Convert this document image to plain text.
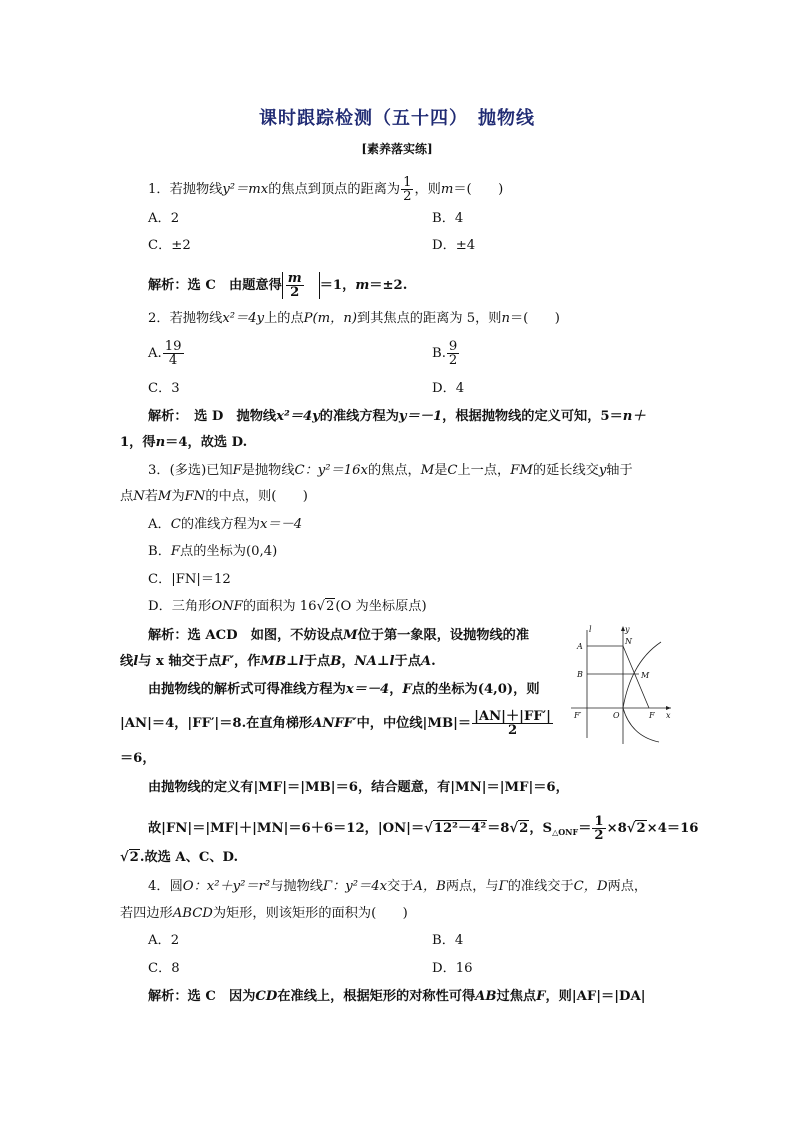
课时跟踪检测（五十四）　抛物线
[素养落实练]
1．若抛物线y²＝mx的焦点到顶点的距离为 $\frac{1}{2}$ ，则m＝(　　)
A．2	B．4
C．±2	D．±4
解析：选 C　由题意得 $\frac{m}{2} =1$，m＝±2.
2．若抛物线x²＝4y上的点P(m，n)到其焦点的距离为 5，则n＝(　　)
A. $\frac{19}{4}$	B. $\frac{9}{2}$
C．3	D．4
解析：　选 D　抛物线x²＝4y的准线方程为y＝－1，根据抛物线的定义可知，5＝n＋
1，得n＝4，故选 D.
3．(多选)已知F是抛物线C：y²＝16x的焦点，M是C上一点，FM的延长线交y轴于
点N若M为FN的中点，则(　　)
A．C的准线方程为x＝－4
B．F点的坐标为(0,4)
C．|FN|＝12
D．三角形ONF的面积为 16√2(O 为坐标原点)
解析：选 ACD　如图，不妨设点M位于第一象限，设抛物线的准
线l与 x 轴交于点F′，作MB⊥l于点B，NA⊥l于点A.
由抛物线的解析式可得准线方程为x＝－4，F点的坐标为(4,0)，则
|AN|＝4，|FF′|＝8.在直角梯形ANFF′中，中位线$|MB|= \frac{|AN|+|FF'|}{2}$
＝6，
由抛物线的定义有|MF|＝|MB|＝6，结合题意，有|MN|＝|MF|＝6，
故|FN|＝|MF|＋|MN|＝6＋6＝12，|ON|＝√12²－4²＝8√2，$S_{\triangle ONF}= \frac{1}{2} \times 8√2\times 4=16$
√2.故选 A、C、D.
l	y
A
N
B	M
F′	O	F x
4．圆O：x²＋y²＝r²与抛物线Γ：y²＝4x交于A，B两点，与Γ的准线交于C，D两点，
若四边形ABCD为矩形，则该矩形的面积为(　　)
A．2	B．4
C．8	D．16
解析：选 C　因为CD在准线上，根据矩形的对称性可得AB过焦点F，则|AF|＝|DA|
